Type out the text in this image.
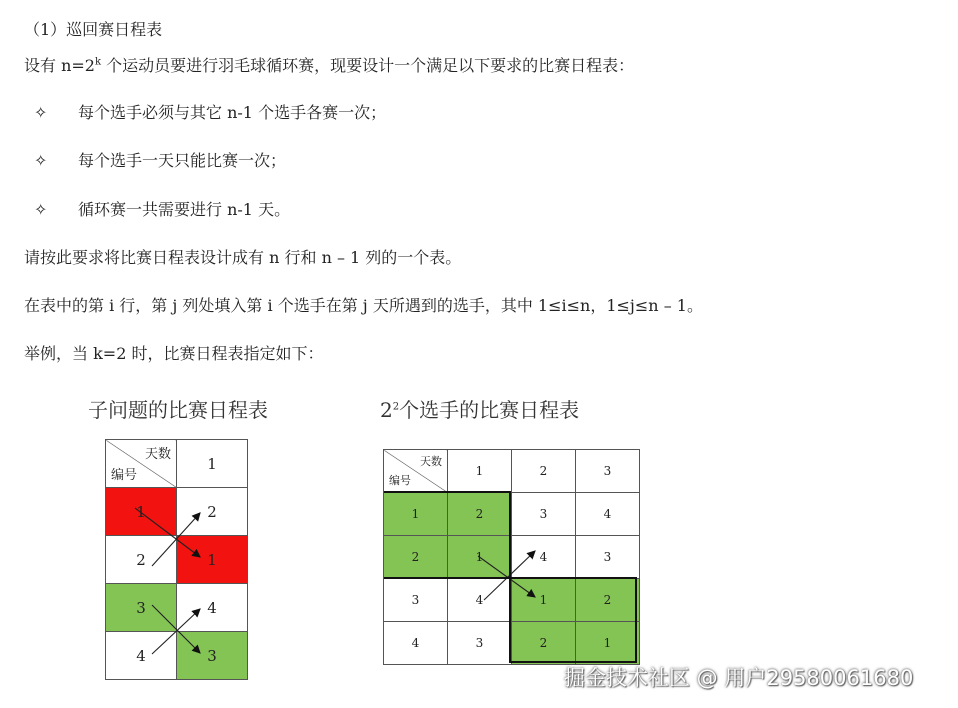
（1）巡回赛日程表
设有 $n=2^k$ 个运动员要进行羽毛球循环赛，现要设计一个满足以下要求的比赛日程表：
✧ 每个选手必须与其它 n-1 个选手各赛一次；
✧ 每个选手一天只能比赛一次；
✧ 循环赛一共需要进行 n-1 天。
请按此要求将比赛日程表设计成有 n 行和 n – 1 列的一个表。
在表中的第 i 行，第 j 列处填入第 i 个选手在第 j 天所遇到的选手，其中 1≤i≤n，1≤j≤n – 1。
举例，当 k=2 时，比赛日程表指定如下：
子问题的比赛日程表	$2^2$个选手的比赛日程表
天数
编号	1
1	2
2	1
3	4
4	3
天数
编号	1	2	3
1	2	3	4
2	1	4	3
3	4	1	2
4	3	2	1
掘金技术社区 @ 用户29580061680
